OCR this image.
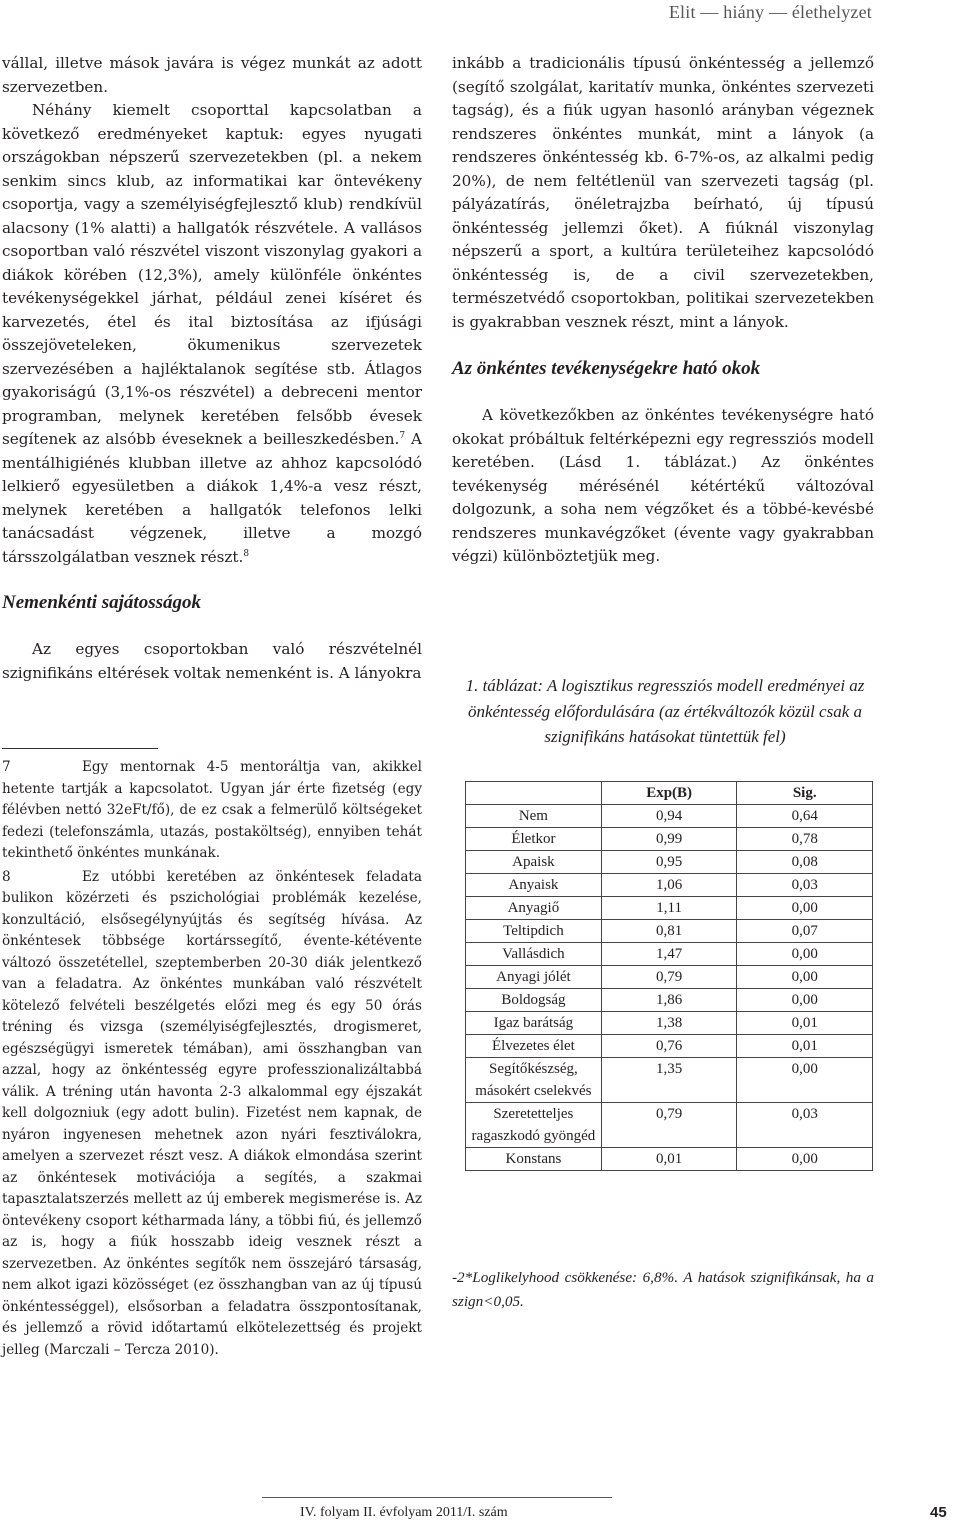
Elit — hiány — élethelyzet

vállal, illetve mások javára is végez munkát az adott szervezetben.

Néhány kiemelt csoporttal kapcsolatban a következő eredményeket kaptuk: egyes nyugati országokban népszerű szervezetekben (pl. a nekem senkim sincs klub, az informatikai kar öntevékeny csoportja, vagy a személyiségfejlesztő klub) rendkívül alacsony (1% alatti) a hallgatók részvétele. A vallásos csoportban való részvétel viszont viszonylag gyakori a diákok körében (12,3%), amely különféle önkéntes tevékenységekkel járhat, például zenei kíséret és karvezetés, étel és ital biztosítása az ifjúsági összejöveteleken, ökumenikus szervezetek szervezésében a hajléktalanok segítése stb. Átlagos gyakoriságú (3,1%-os részvétel) a debreceni mentor programban, melynek keretében felsőbb évesek segítenek az alsóbb éveseknek a beilleszkedésben.$^7$ A mentálhigiénés klubban illetve az ahhoz kapcsolódó lelkierő egyesületben a diákok 1,4%-a vesz részt, melynek keretében a hallgatók telefonos lelki tanácsadást végzenek, illetve a mozgó társszolgálatban vesznek részt.$^8$

Nemenkénti sajátosságok

Az egyes csoportokban való részvételnél szignifikáns eltérések voltak nemenként is. A lányokra

7	Egy mentornak 4-5 mentoráltja van, akikkel hetente tartják a kapcsolatot. Ugyan jár érte fizetség (egy félévben nettó 32eFt/fő), de ez csak a felmerülő költségeket fedezi (telefonszámla, utazás, postaköltség), ennyiben tehát tekinthető önkéntes munkának.

8	Ez utóbbi keretében az önkéntesek feladata bulikon közérzeti és pszichológiai problémák kezelése, konzultáció, elsősegélynyújtás és segítség hívása. Az önkéntesek többsége kortárssegítő, évente-kétévente változó összetétellel, szeptemberben 20-30 diák jelentkező van a feladatra. Az önkéntes munkában való részvételt kötelező felvételi beszélgetés előzi meg és egy 50 órás tréning és vizsga (személyiségfejlesztés, drogismeret, egészségügyi ismeretek témában), ami összhangban van azzal, hogy az önkéntesség egyre professzionalizáltabbá válik. A tréning után havonta 2-3 alkalommal egy éjszakát kell dolgozniuk (egy adott bulin). Fizetést nem kapnak, de nyáron ingyenesen mehetnek azon nyári fesztiválokra, amelyen a szervezet részt vesz. A diákok elmondása szerint az önkéntesek motivációja a segítés, a szakmai tapasztalatszerzés mellett az új emberek megismerése is. Az öntevékeny csoport kétharmada lány, a többi fiú, és jellemző az is, hogy a fiúk hosszabb ideig vesznek részt a szervezetben. Az önkéntes segítők nem összejáró társaság, nem alkot igazi közösséget (ez összhangban van az új típusú önkéntességgel), elsősorban a feladatra összpontosítanak, és jellemző a rövid időtartamú elkötelezettség és projekt jelleg (Marczali – Tercza 2010).

inkább a tradicionális típusú önkéntesség a jellemző (segítő szolgálat, karitatív munka, önkéntes szervezeti tagság), és a fiúk ugyan hasonló arányban végeznek rendszeres önkéntes munkát, mint a lányok (a rendszeres önkéntesség kb. 6-7%-os, az alkalmi pedig 20%), de nem feltétlenül van szervezeti tagság (pl. pályázatírás, önéletrajzba beírható, új típusú önkéntesség jellemzi őket). A fiúknál viszonylag népszerű a sport, a kultúra területeihez kapcsolódó önkéntesség is, de a civil szervezetekben, természetvédő csoportokban, politikai szervezetekben is gyakrabban vesznek részt, mint a lányok.

Az önkéntes tevékenységekre ható okok

A következőkben az önkéntes tevékenységre ható okokat próbáltuk feltérképezni egy regressziós modell keretében. (Lásd 1. táblázat.) Az önkéntes tevékenység mérésénél kétértékű változóval dolgozunk, a soha nem végzőket és a többé-kevésbé rendszeres munkavégzőket (évente vagy gyakrabban végzi) különböztetjük meg.

1. táblázat: A logisztikus regressziós modell eredményei az önkéntesség előfordulására (az értékváltozók közül csak a szignifikáns hatásokat tüntettük fel)
	Exp(B)	Sig.
Nem	0,94	0,64
Életkor	0,99	0,78
Apaisk	0,95	0,08
Anyaisk	1,06	0,03
Anyagiő	1,11	0,00
Teltipdich	0,81	0,07
Vallásdich	1,47	0,00
Anyagi jólét	0,79	0,00
Boldogság	1,86	0,00
Igaz barátság	1,38	0,01
Élvezetes élet	0,76	0,01
Segítőkészség, másokért cselekvés	1,35	0,00
Szeretetteljes ragaszkodó gyöngéd	0,79	0,03
Konstans	0,01	0,00
-2*Loglikelyhood csökkenése: 6,8%. A hatások szignifikánsak, ha a szign<0,05.
IV. folyam II. évfolyam 2011/I. szám	45
